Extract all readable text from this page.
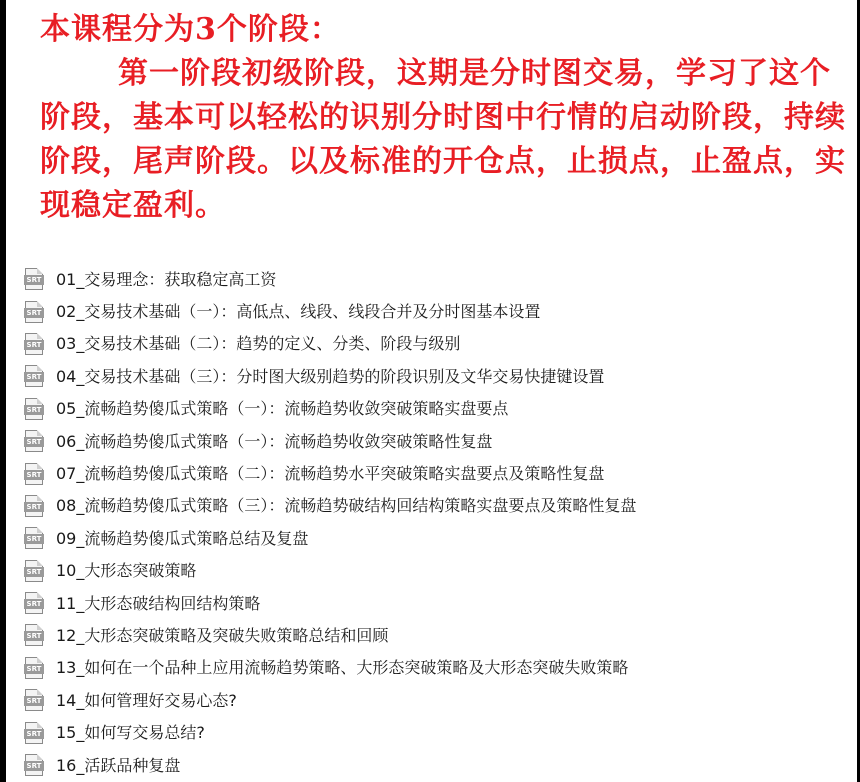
本课程分为3个阶段：
第一阶段初级阶段，这期是分时图交易，学习了这个阶段，基本可以轻松的识别分时图中行情的启动阶段，持续阶段，尾声阶段。以及标准的开仓点，止损点，止盈点，实现稳定盈利。
SRT 01_交易理念：获取稳定高工资
SRT 02_交易技术基础（一）：高低点、线段、线段合并及分时图基本设置
SRT 03_交易技术基础（二）：趋势的定义、分类、阶段与级别
SRT 04_交易技术基础（三）：分时图大级别趋势的阶段识别及文华交易快捷键设置
SRT 05_流畅趋势傻瓜式策略（一）：流畅趋势收敛突破策略实盘要点
SRT 06_流畅趋势傻瓜式策略（一）：流畅趋势收敛突破策略性复盘
SRT 07_流畅趋势傻瓜式策略（二）：流畅趋势水平突破策略实盘要点及策略性复盘
SRT 08_流畅趋势傻瓜式策略（三）：流畅趋势破结构回结构策略实盘要点及策略性复盘
SRT 09_流畅趋势傻瓜式策略总结及复盘
SRT 10_大形态突破策略
SRT 11_大形态破结构回结构策略
SRT 12_大形态突破策略及突破失败策略总结和回顾
SRT 13_如何在一个品种上应用流畅趋势策略、大形态突破策略及大形态突破失败策略
SRT 14_如何管理好交易心态?
SRT 15_如何写交易总结?
SRT 16_活跃品种复盘
